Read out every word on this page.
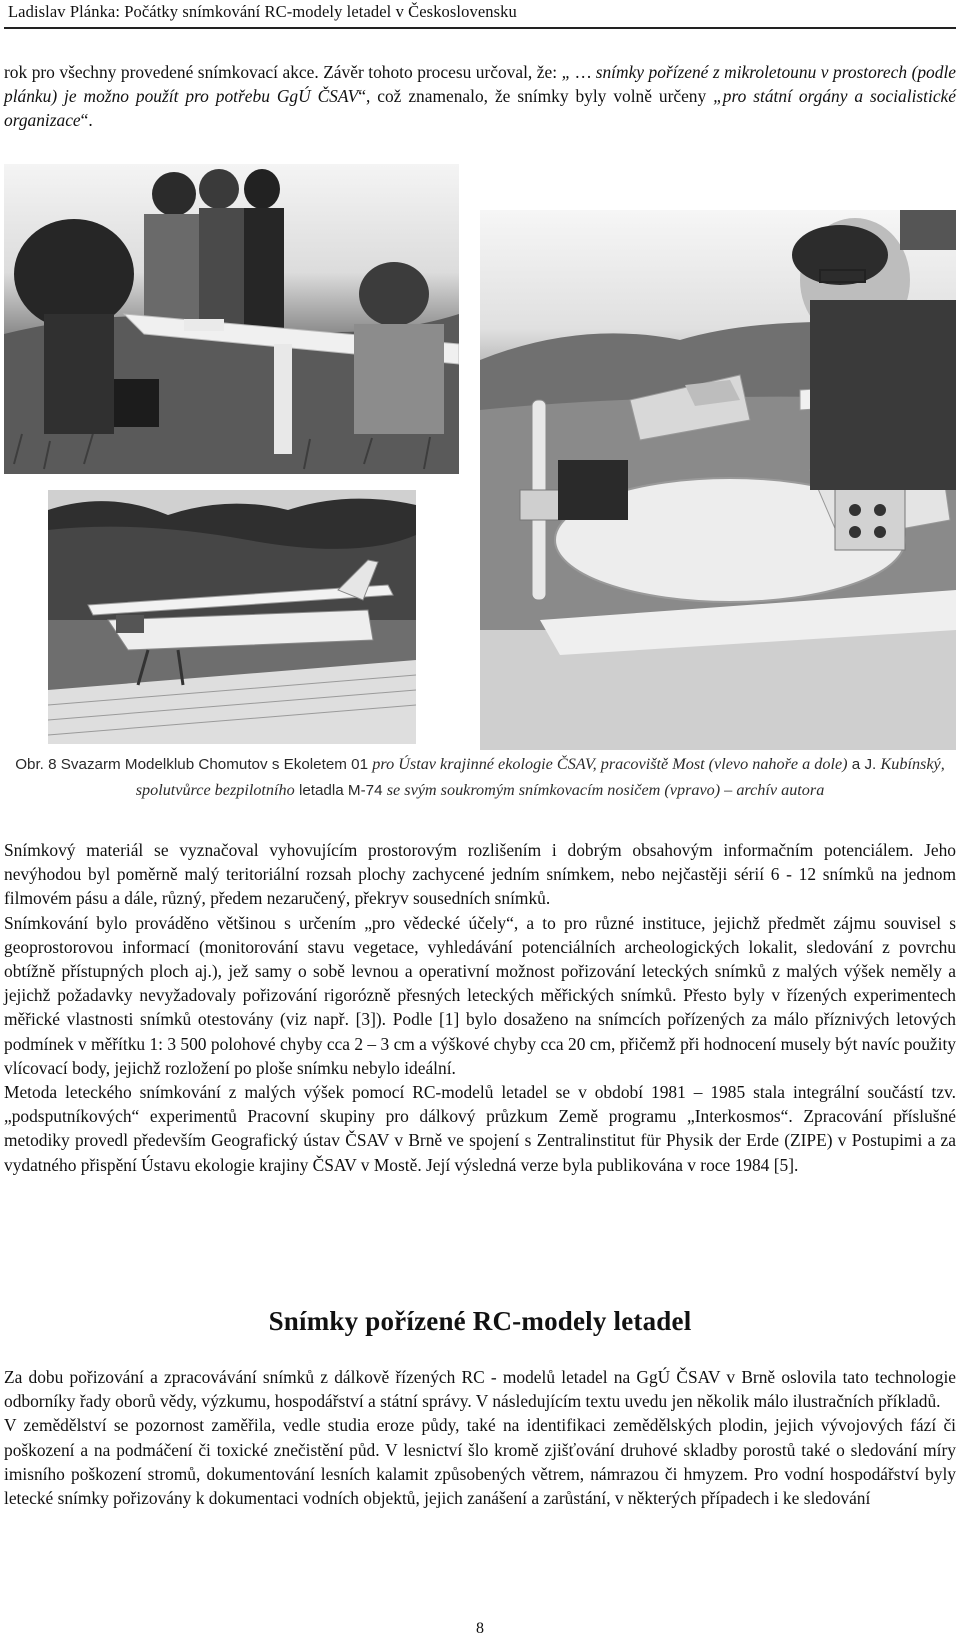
Ladislav Plánka: Počátky snímkování RC-modely letadel v Československu

rok pro všechny provedené snímkovací akce. Závěr tohoto procesu určoval, že: „ … snímky pořízené z mikroletounu v prostorech (podle plánku) je možno použít pro potřebu GgÚ ČSAV“, což znamenalo, že snímky byly volně určeny „pro státní orgány a socialistické organizace“.

Obr. 8 Svazarm Modelklub Chomutov s Ekoletem 01 pro Ústav krajinné ekologie ČSAV, pracoviště Most (vlevo nahoře a dole) a J. Kubínský, spolutvůrce bezpilotního letadla M-74 se svým soukromým snímkovacím nosičem (vpravo) – archív autora

Snímkový materiál se vyznačoval vyhovujícím prostorovým rozlišením i dobrým obsahovým informačním potenciálem. Jeho nevýhodou byl poměrně malý teritoriální rozsah plochy zachycené jedním snímkem, nebo nejčastěji sérií 6 - 12 snímků na jednom filmovém pásu a dále, různý, předem nezaručený, překryv sousedních snímků.

Snímkování bylo prováděno většinou s určením „pro vědecké účely“, a to pro různé instituce, jejichž předmět zájmu souvisel s geoprostorovou informací (monitorování stavu vegetace, vyhledávání potenciálních archeologických lokalit, sledování z povrchu obtížně přístupných ploch aj.), jež samy o sobě levnou a operativní možnost pořizování leteckých snímků z malých výšek neměly a jejichž požadavky nevyžadovaly pořizování rigorózně přesných leteckých měřických snímků. Přesto byly v řízených experimentech měřické vlastnosti snímků otestovány (viz např. [3]). Podle [1] bylo dosaženo na snímcích pořízených za málo příznivých letových podmínek v měřítku 1: 3 500 polohové chyby cca 2 – 3 cm a výškové chyby cca 20 cm, přičemž při hodnocení musely být navíc použity vlícovací body, jejichž rozložení po ploše snímku nebylo ideální.

Metoda leteckého snímkování z malých výšek pomocí RC-modelů letadel se v období 1981 – 1985 stala integrální součástí tzv. „podsputníkových“ experimentů Pracovní skupiny pro dálkový průzkum Země programu „Interkosmos“. Zpracování příslušné metodiky provedl především Geografický ústav ČSAV v Brně ve spojení s Zentralinstitut für Physik der Erde (ZIPE) v Postupimi a za vydatného přispění Ústavu ekologie krajiny ČSAV v Mostě. Její výsledná verze byla publikována v roce 1984 [5].

Snímky pořízené RC-modely letadel

Za dobu pořizování a zpracovávání snímků z dálkově řízených RC - modelů letadel na GgÚ ČSAV v Brně oslovila tato technologie odborníky řady oborů vědy, výzkumu, hospodářství a státní správy. V následujícím textu uvedu jen několik málo ilustračních příkladů.

V zemědělství se pozornost zaměřila, vedle studia eroze půdy, také na identifikaci zemědělských plodin, jejich vývojových fází či poškození a na podmáčení či toxické znečistění půd. V lesnictví šlo kromě zjišťování druhové skladby porostů také o sledování míry imisního poškození stromů, dokumentování lesních kalamit způsobených větrem, námrazou či hmyzem. Pro vodní hospodářství byly letecké snímky pořizovány k dokumentaci vodních objektů, jejich zanášení a zarůstání, v některých případech i ke sledování

8
